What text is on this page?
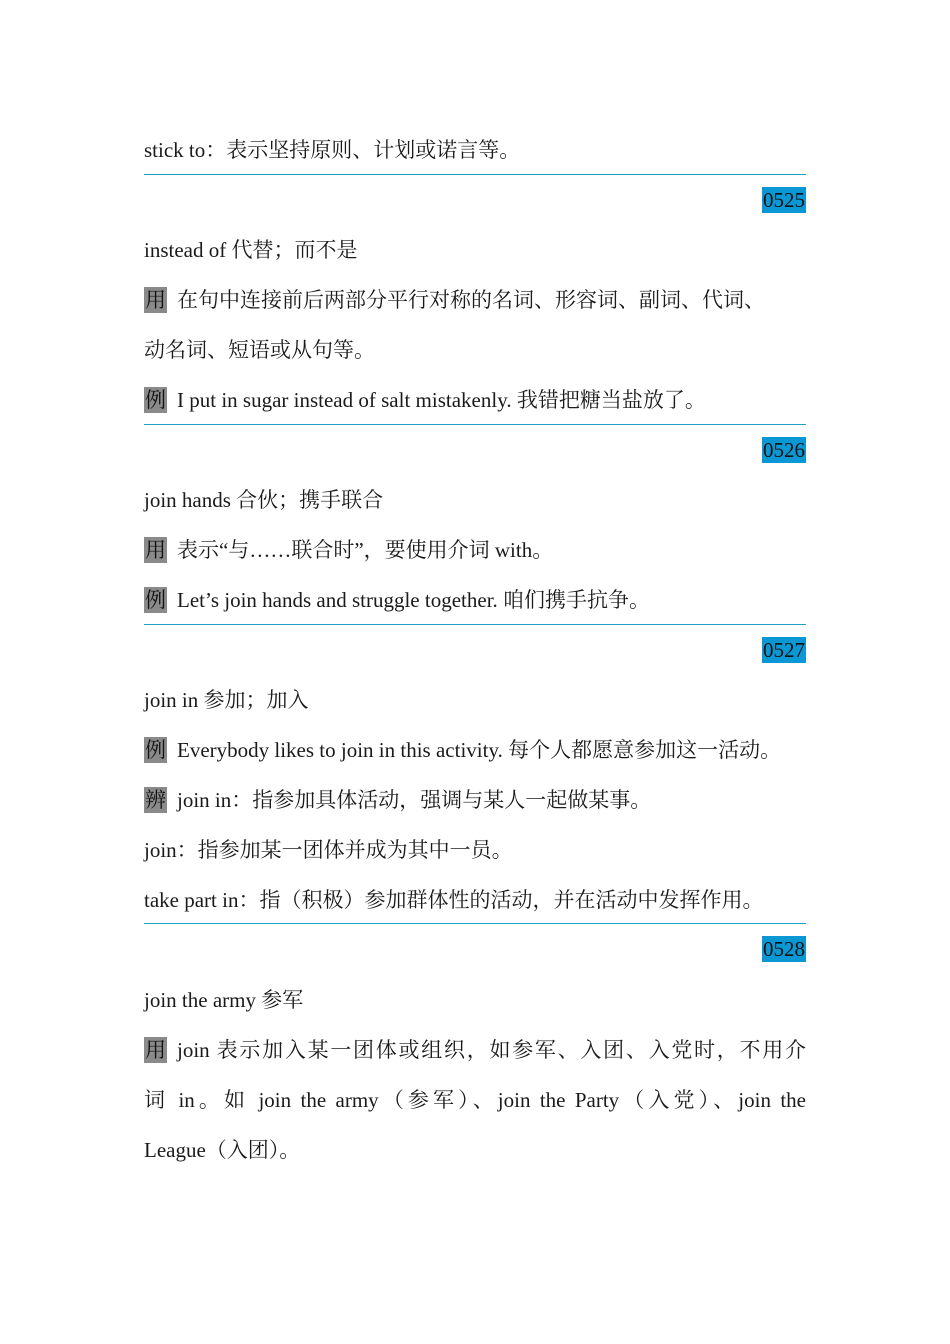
stick to：表示坚持原则、计划或诺言等。
0525
instead of 代替；而不是
用 在句中连接前后两部分平行对称的名词、形容词、副词、代词、
动名词、短语或从句等。
例 I put in sugar instead of salt mistakenly. 我错把糖当盐放了。
0526
join hands 合伙；携手联合
用 表示“与……联合时”，要使用介词 with。
例 Let’s join hands and struggle together. 咱们携手抗争。
0527
join in 参加；加入
例 Everybody likes to join in this activity. 每个人都愿意参加这一活动。
辨 join in：指参加具体活动，强调与某人一起做某事。
join：指参加某一团体并成为其中一员。
take part in：指（积极）参加群体性的活动，并在活动中发挥作用。
0528
join the army 参军
用 join 表示加入某一团体或组织，如参军、入团、入党时，不用介
词 in。如 join the army（参军）、join the Party（入党）、join the
League（入团）。
